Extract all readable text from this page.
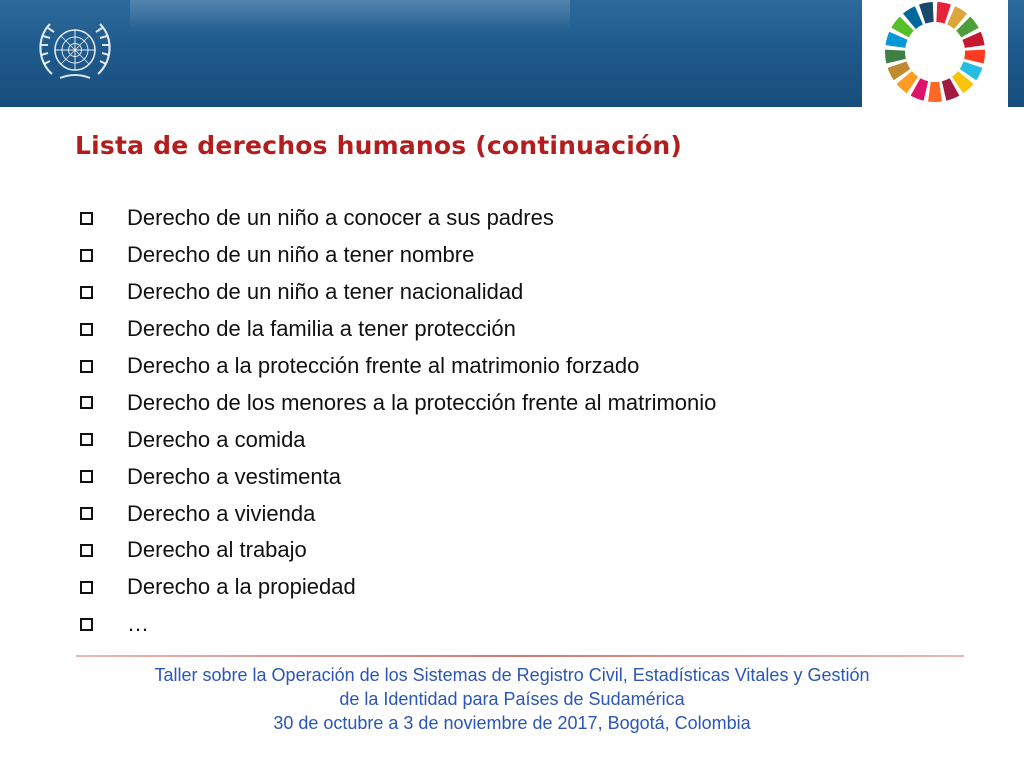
Lista de derechos humanos (continuación)
Derecho de un niño a conocer a sus padres
Derecho de un niño a tener nombre
Derecho de un niño a tener nacionalidad
Derecho de la familia a tener protección
Derecho a la protección frente al matrimonio forzado
Derecho de los menores a la protección frente al matrimonio
Derecho a comida
Derecho a vestimenta
Derecho a vivienda
Derecho al trabajo
Derecho a la propiedad
…
Taller sobre la Operación de los Sistemas de Registro Civil, Estadísticas Vitales y Gestión
de la Identidad para Países de Sudamérica
30 de octubre a 3 de noviembre de 2017, Bogotá, Colombia
